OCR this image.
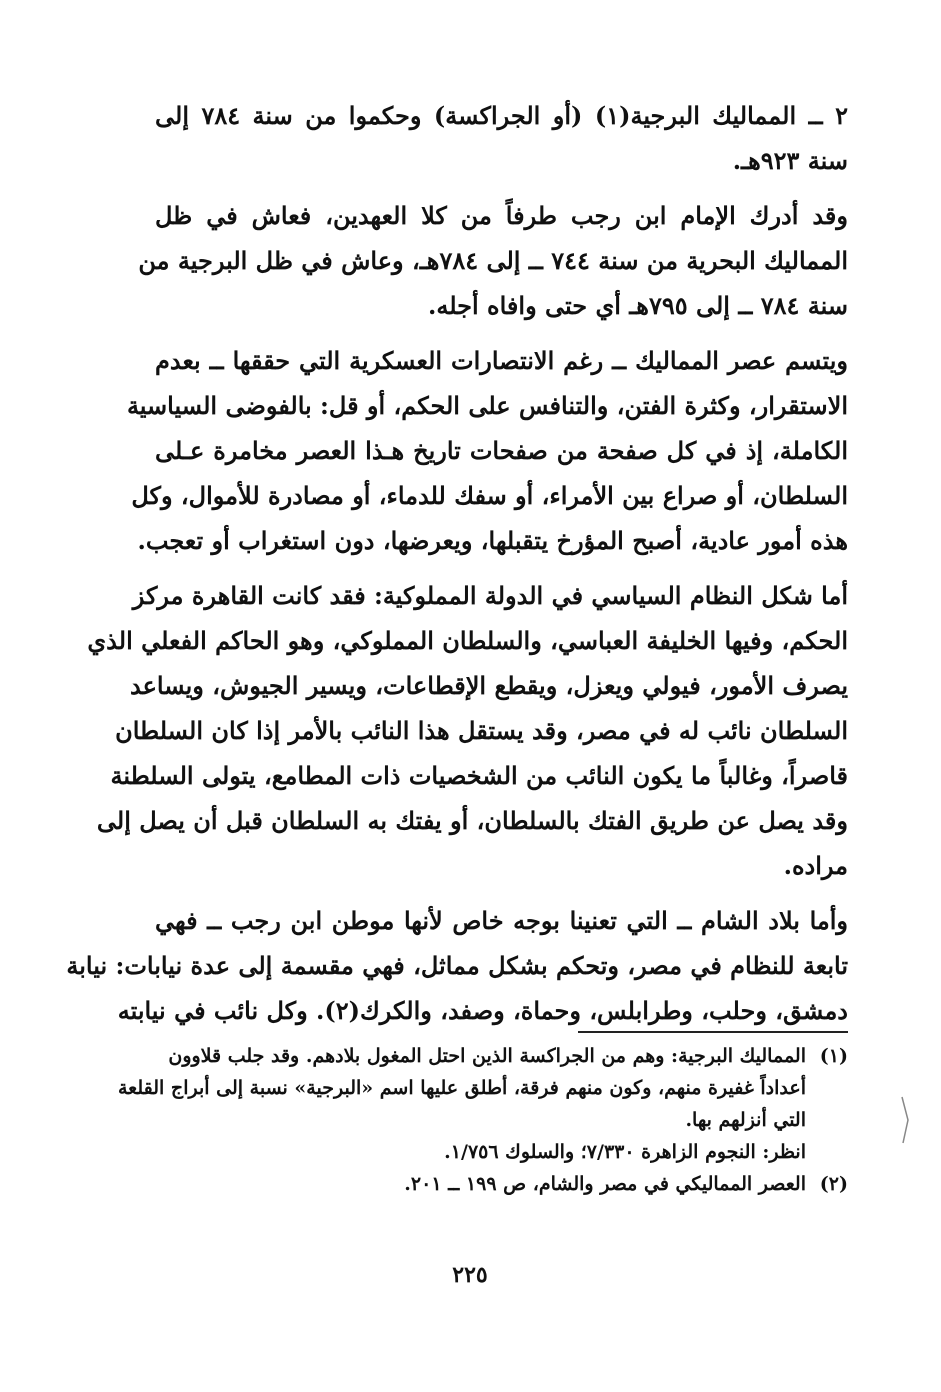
٢ ــ المماليك البرجية(١) (أو الجراكسة) وحكموا من سنة ٧٨٤ إلى
سنة ٩٢٣هـ.
وقد أدرك الإمام ابن رجب طرفاً من كلا العهدين، فعاش في ظل
المماليك البحرية من سنة ٧٤٤ ــ إلى ٧٨٤هـ، وعاش في ظل البرجية من
سنة ٧٨٤ ــ إلى ٧٩٥هـ أي حتى وافاه أجله.
ويتسم عصر المماليك ــ رغم الانتصارات العسكرية التي حققها ــ بعدم
الاستقرار، وكثرة الفتن، والتنافس على الحكم، أو قل: بالفوضى السياسية
الكاملة، إذ في كل صفحة من صفحات تاريخ هـذا العصر مخامرة عـلى
السلطان، أو صراع بين الأمراء، أو سفك للدماء، أو مصادرة للأموال، وكل
هذه أمور عادية، أصبح المؤرخ يتقبلها، ويعرضها، دون استغراب أو تعجب.
أما شكل النظام السياسي في الدولة المملوكية: فقد كانت القاهرة مركز
الحكم، وفيها الخليفة العباسي، والسلطان المملوكي، وهو الحاكم الفعلي الذي
يصرف الأمور، فيولي ويعزل، ويقطع الإقطاعات، ويسير الجيوش، ويساعد
السلطان نائب له في مصر، وقد يستقل هذا النائب بالأمر إذا كان السلطان
قاصراً، وغالباً ما يكون النائب من الشخصيات ذات المطامع، يتولى السلطنة
وقد يصل عن طريق الفتك بالسلطان، أو يفتك به السلطان قبل أن يصل إلى
مراده.
وأما بلاد الشام ــ التي تعنينا بوجه خاص لأنها موطن ابن رجب ــ فهي
تابعة للنظام في مصر، وتحكم بشكل مماثل، فهي مقسمة إلى عدة نيابات: نيابة
دمشق، وحلب، وطرابلس، وحماة، وصفد، والكرك(٢). وكل نائب في نيابته
(١)المماليك البرجية: وهم من الجراكسة الذين احتل المغول بلادهم. وقد جلب قلاوون
أعداداً غفيرة منهم، وكون منهم فرقة، أطلق عليها اسم «البرجية» نسبة إلى أبراج القلعة
التي أنزلهم بها.
انظر: النجوم الزاهرة ٧/٣٣٠؛ والسلوك ١/٧٥٦.
(٢)العصر المماليكي في مصر والشام، ص ١٩٩ ــ ٢٠١.
٢٢٥
